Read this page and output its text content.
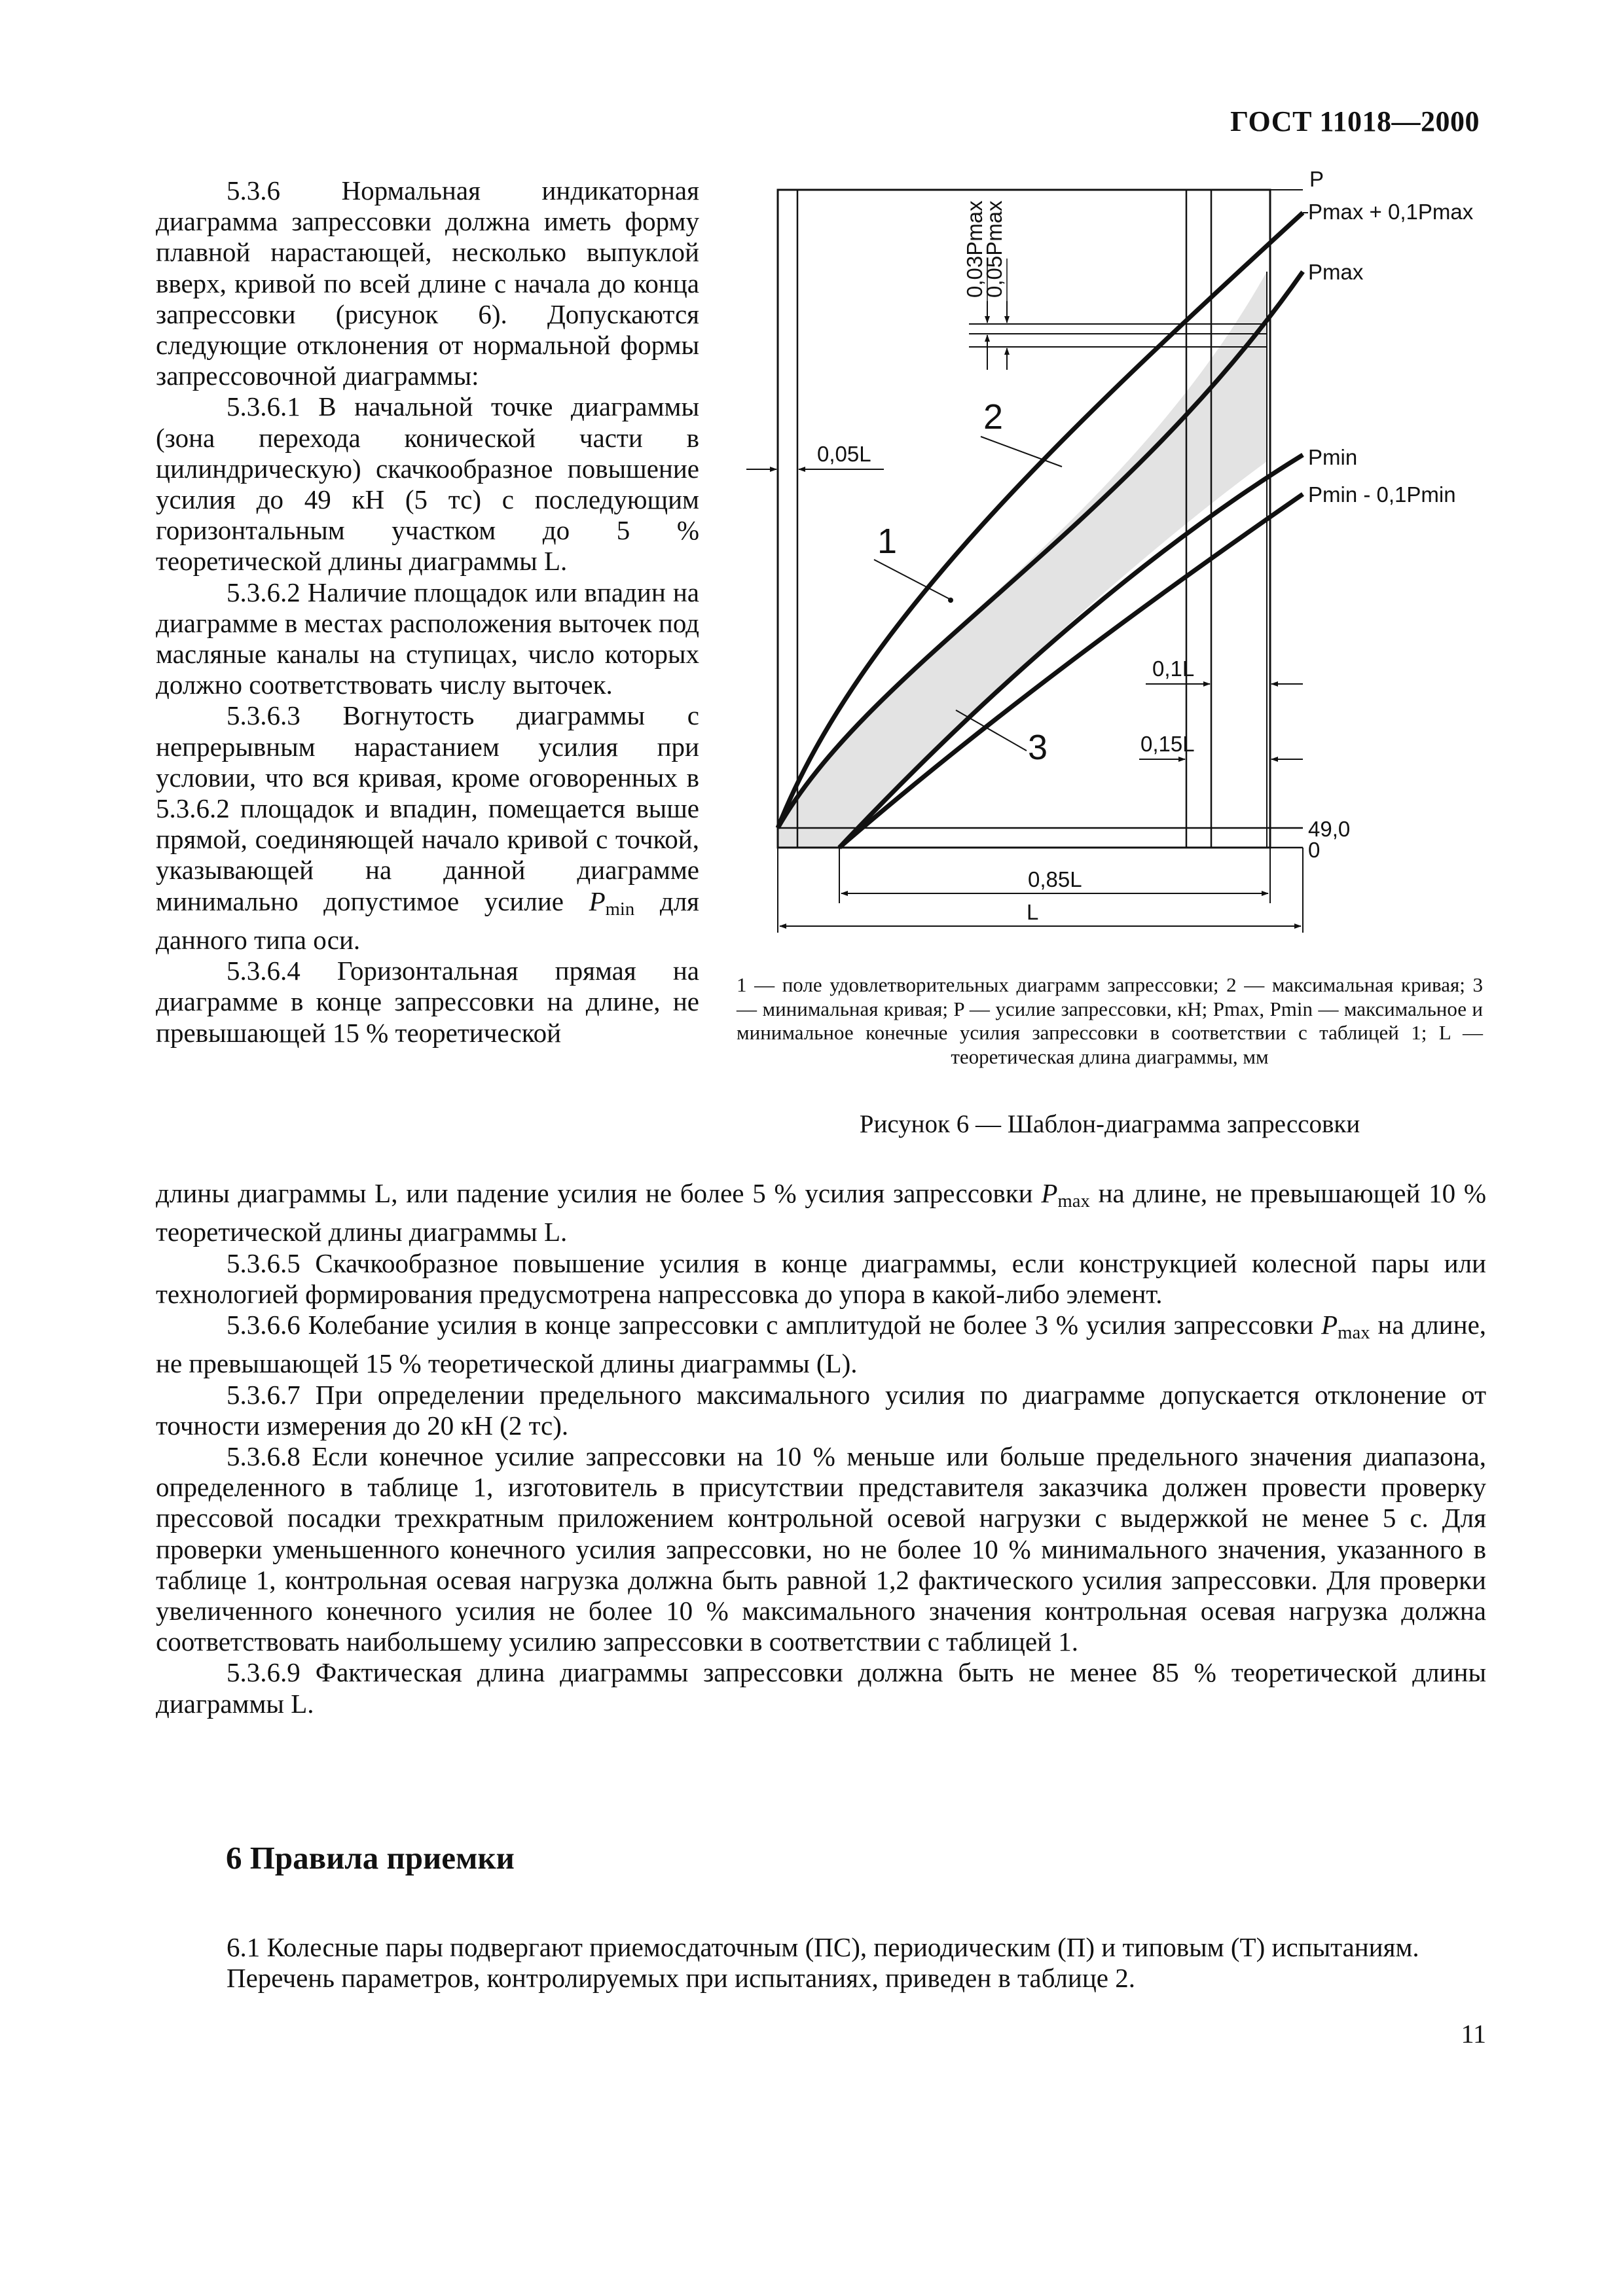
ГОСТ 11018—2000

5.3.6 Нормальная индикаторная диаграмма запрессовки должна иметь форму плавной нарастающей, несколько выпуклой вверх, кривой по всей длине с начала до конца запрессовки (рисунок 6). Допускаются следующие отклонения от нормальной формы запрессовочной диаграммы:

5.3.6.1 В начальной точке диаграммы (зона перехода конической части в цилиндрическую) скачкообразное повышение усилия до 49 кН (5 тс) с последующим горизонтальным участком до 5 % теоретической длины диаграммы L.

5.3.6.2 Наличие площадок или впадин на диаграмме в местах расположения выточек под масляные каналы на ступицах, число которых должно соответствовать числу выточек.

5.3.6.3 Вогнутость диаграммы с непрерывным нарастанием усилия при условии, что вся кривая, кроме оговоренных в 5.3.6.2 площадок и впадин, помещается выше прямой, соединяющей начало кривой с точкой, указывающей на данной диаграмме минимально допустимое усилие $P_{min}$ для данного типа оси.

5.3.6.4 Горизонтальная прямая на диаграмме в конце запрессовки на длине, не превышающей 15 % теоретической

P
Pmax + 0,1Pmax
Pmax
Pmin
Pmin - 0,1Pmin
49,0
0
0,03Pmax
0,05Pmax
0,05L
0,1L
0,15L
0,85L
L
1
2
3
1 — поле удовлетворительных диаграмм запрессовки; 2 — максимальная кривая; 3 — минимальная кривая; P — усилие запрессовки, кН; Pmax, Pmin — максимальное и минимальное конечные усилия запрессовки в соответствии с таблицей 1; L — теоретическая длина диаграммы, мм
Рисунок 6 — Шаблон-диаграмма запрессовки

длины диаграммы L, или падение усилия не более 5 % усилия запрессовки $P_{max}$ на длине, не превышающей 10 % теоретической длины диаграммы L.

5.3.6.5 Скачкообразное повышение усилия в конце диаграммы, если конструкцией колесной пары или технологией формирования предусмотрена напрессовка до упора в какой-либо элемент.

5.3.6.6 Колебание усилия в конце запрессовки с амплитудой не более 3 % усилия запрессовки $P_{max}$ на длине, не превышающей 15 % теоретической длины диаграммы (L).

5.3.6.7 При определении предельного максимального усилия по диаграмме допускается отклонение от точности измерения до 20 кН (2 тс).

5.3.6.8 Если конечное усилие запрессовки на 10 % меньше или больше предельного значения диапазона, определенного в таблице 1, изготовитель в присутствии представителя заказчика должен провести проверку прессовой посадки трехкратным приложением контрольной осевой нагрузки с выдержкой не менее 5 с. Для проверки уменьшенного конечного усилия запрессовки, но не более 10 % минимального значения, указанного в таблице 1, контрольная осевая нагрузка должна быть равной 1,2 фактического усилия запрессовки. Для проверки увеличенного конечного усилия не более 10 % максимального значения контрольная осевая нагрузка должна соответствовать наибольшему усилию запрессовки в соответствии с таблицей 1.

5.3.6.9 Фактическая длина диаграммы запрессовки должна быть не менее 85 % теоретической длины диаграммы L.

6 Правила приемки

6.1 Колесные пары подвергают приемосдаточным (ПС), периодическим (П) и типовым (Т) испытаниям.

Перечень параметров, контролируемых при испытаниях, приведен в таблице 2.

11
